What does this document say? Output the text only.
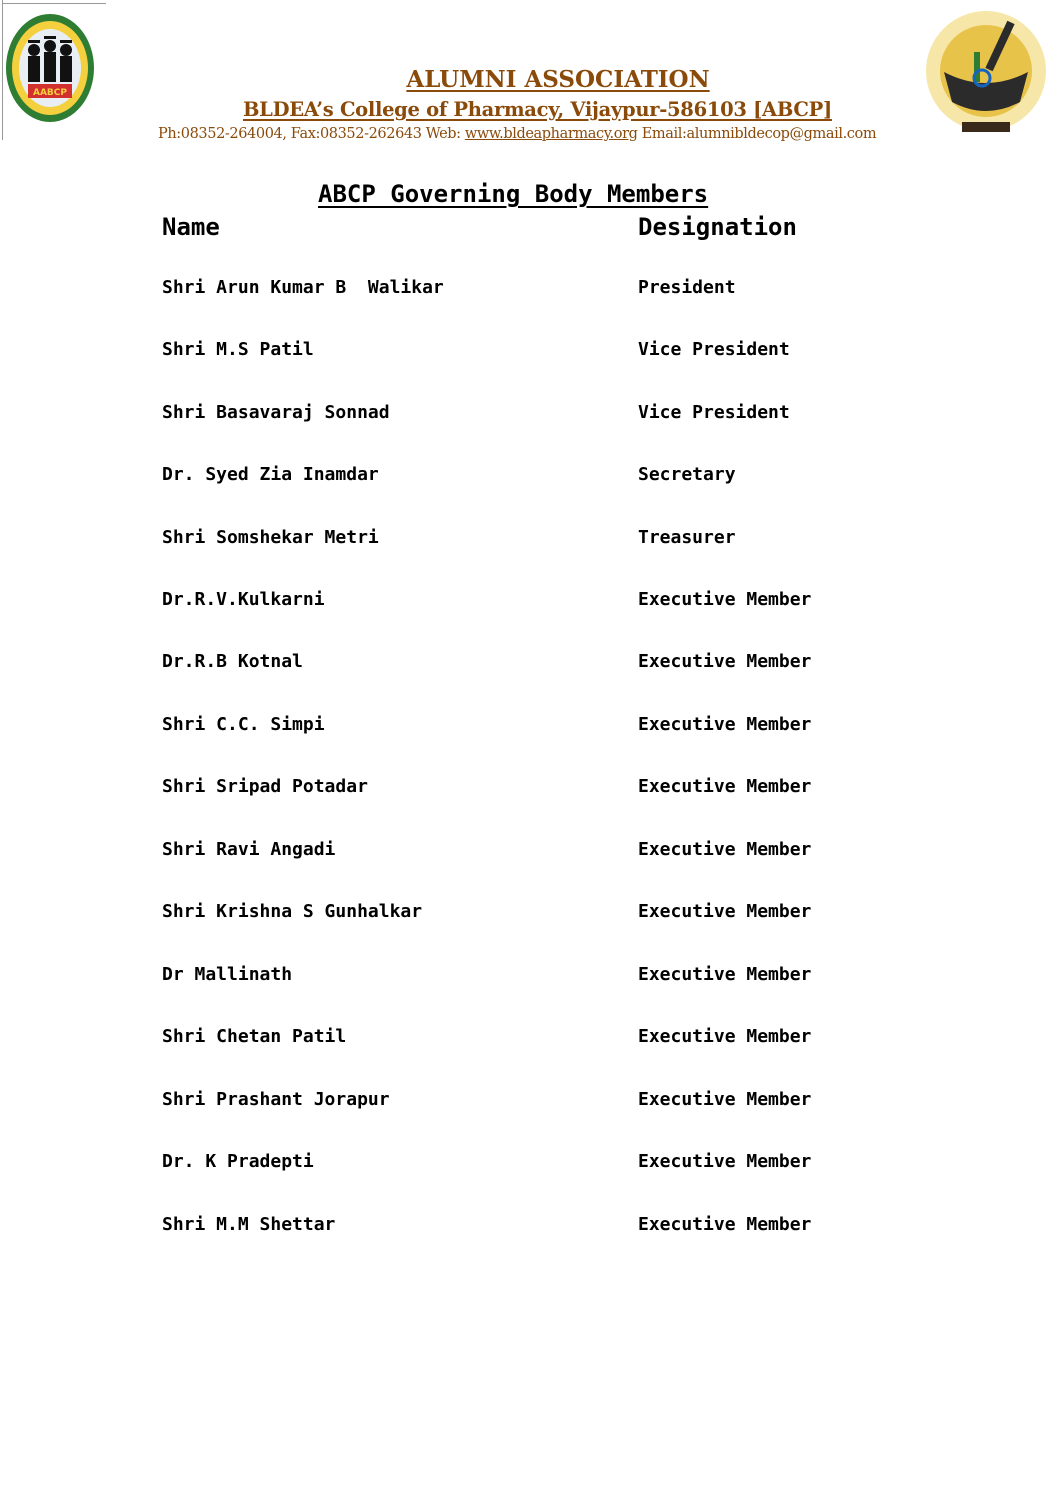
AABCP	ALUMNI ASSOCIATION
BLDEA’s College of Pharmacy, Vijaypur-586103 [ABCP]
Ph:08352-264004, Fax:08352-262643 Web: www.bldeapharmacy.org Email:alumnibldecop@gmail.com
ABCP Governing Body Members
Name	Designation
Shri Arun Kumar B  Walikar	President
Shri M.S Patil	Vice President
Shri Basavaraj Sonnad	Vice President
Dr. Syed Zia Inamdar	Secretary
Shri Somshekar Metri	Treasurer
Dr.R.V.Kulkarni	Executive Member
Dr.R.B Kotnal	Executive Member
Shri C.C. Simpi	Executive Member
Shri Sripad Potadar	Executive Member
Shri Ravi Angadi	Executive Member
Shri Krishna S Gunhalkar	Executive Member
Dr Mallinath	Executive Member
Shri Chetan Patil	Executive Member
Shri Prashant Jorapur	Executive Member
Dr. K Pradepti	Executive Member
Shri M.M Shettar	Executive Member
